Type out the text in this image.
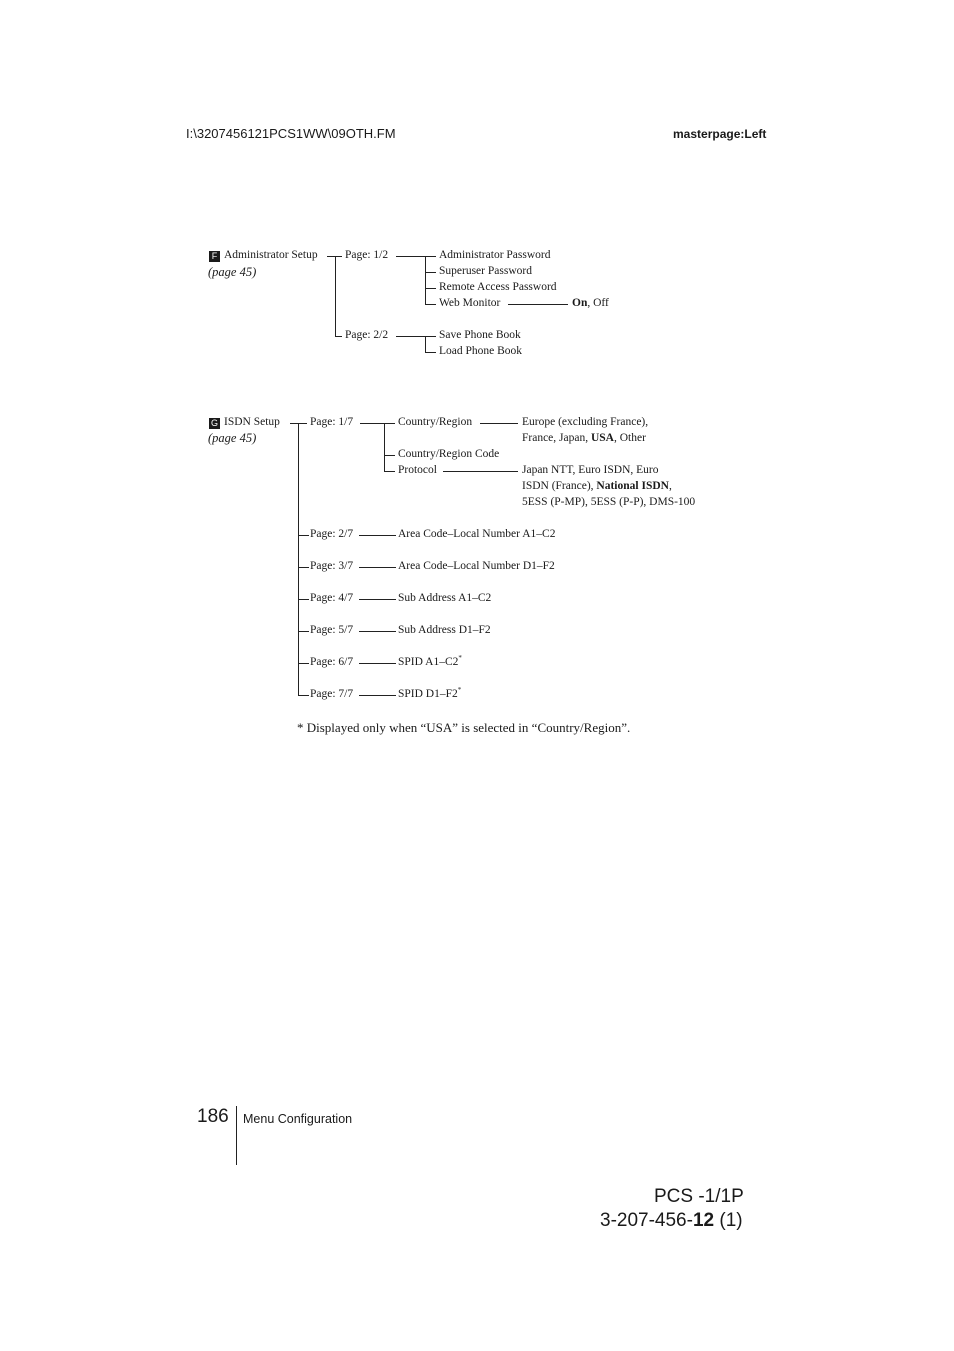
I:\3207456121PCS1WW\09OTH.FM	masterpage:Left
F Administrator Setup
(page 45)
Page: 1/2
Page: 2/2
Administrator Password
Superuser Password
Remote Access Password
Web Monitor	On, Off
Save Phone Book
Load Phone Book
G ISDN Setup
(page 45)
Page: 1/7	Country/Region	Europe (excluding France),
France, Japan, USA, Other
Country/Region Code
Protocol	Japan NTT, Euro ISDN, Euro
ISDN (France), National ISDN,
5ESS (P-MP), 5ESS (P-P), DMS-100
Page: 2/7	Area Code–Local Number A1–C2
Page: 3/7	Area Code–Local Number D1–F2
Page: 4/7	Sub Address A1–C2
Page: 5/7	Sub Address D1–F2
Page: 6/7	SPID A1–C2*
Page: 7/7	SPID D1–F2*
* Displayed only when “USA” is selected in “Country/Region”.
186 Menu Configuration
PCS -1/1P
3-207-456-12 (1)
